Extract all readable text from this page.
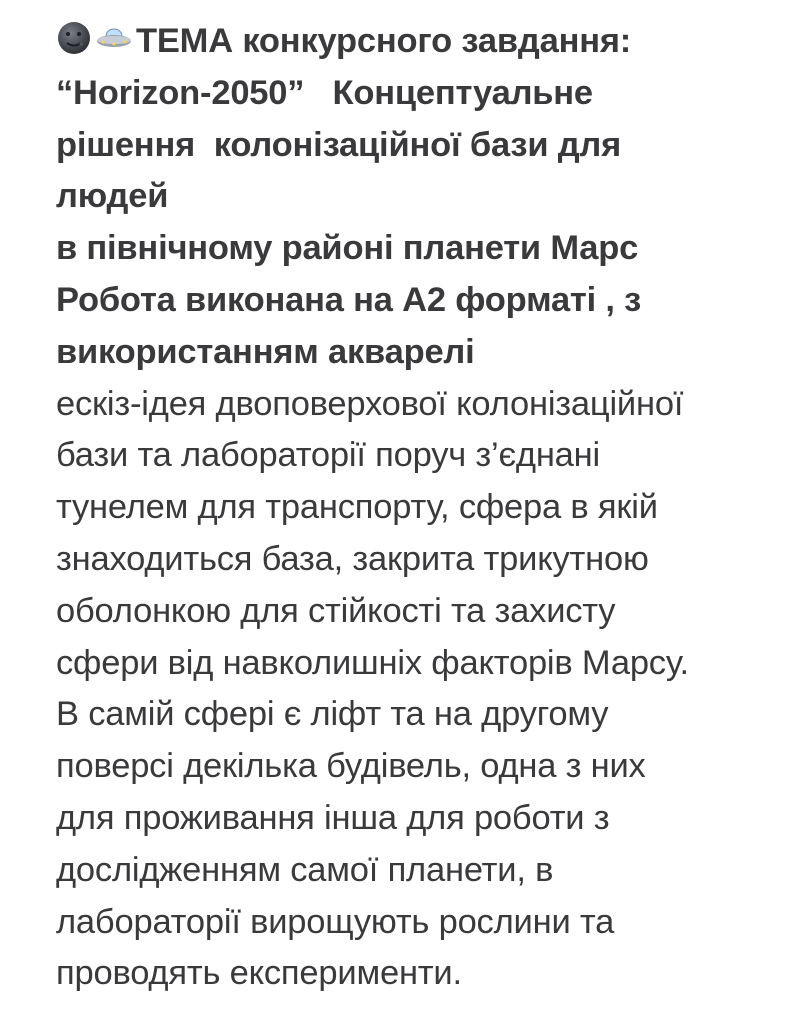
ТЕМА конкурсного завдання:
“Horizon-2050”   Концептуальне
рішення  колонізаційної бази для
людей
в північному районі планети Марс
Робота виконана на А2 форматі , з
використанням акварелі
ескіз-ідея двоповерхової колонізаційної
бази та лабораторії поруч з’єднані
тунелем для транспорту, сфера в якій
знаходиться база, закрита трикутною
оболонкою для стійкості та захисту
сфери від навколишніх факторів Марсу.
В самій сфері є ліфт та на другому
поверсі декілька будівель, одна з них
для проживання інша для роботи з
дослідженням самої планети, в
лабораторії вирощують рослини та
проводять експерименти.
